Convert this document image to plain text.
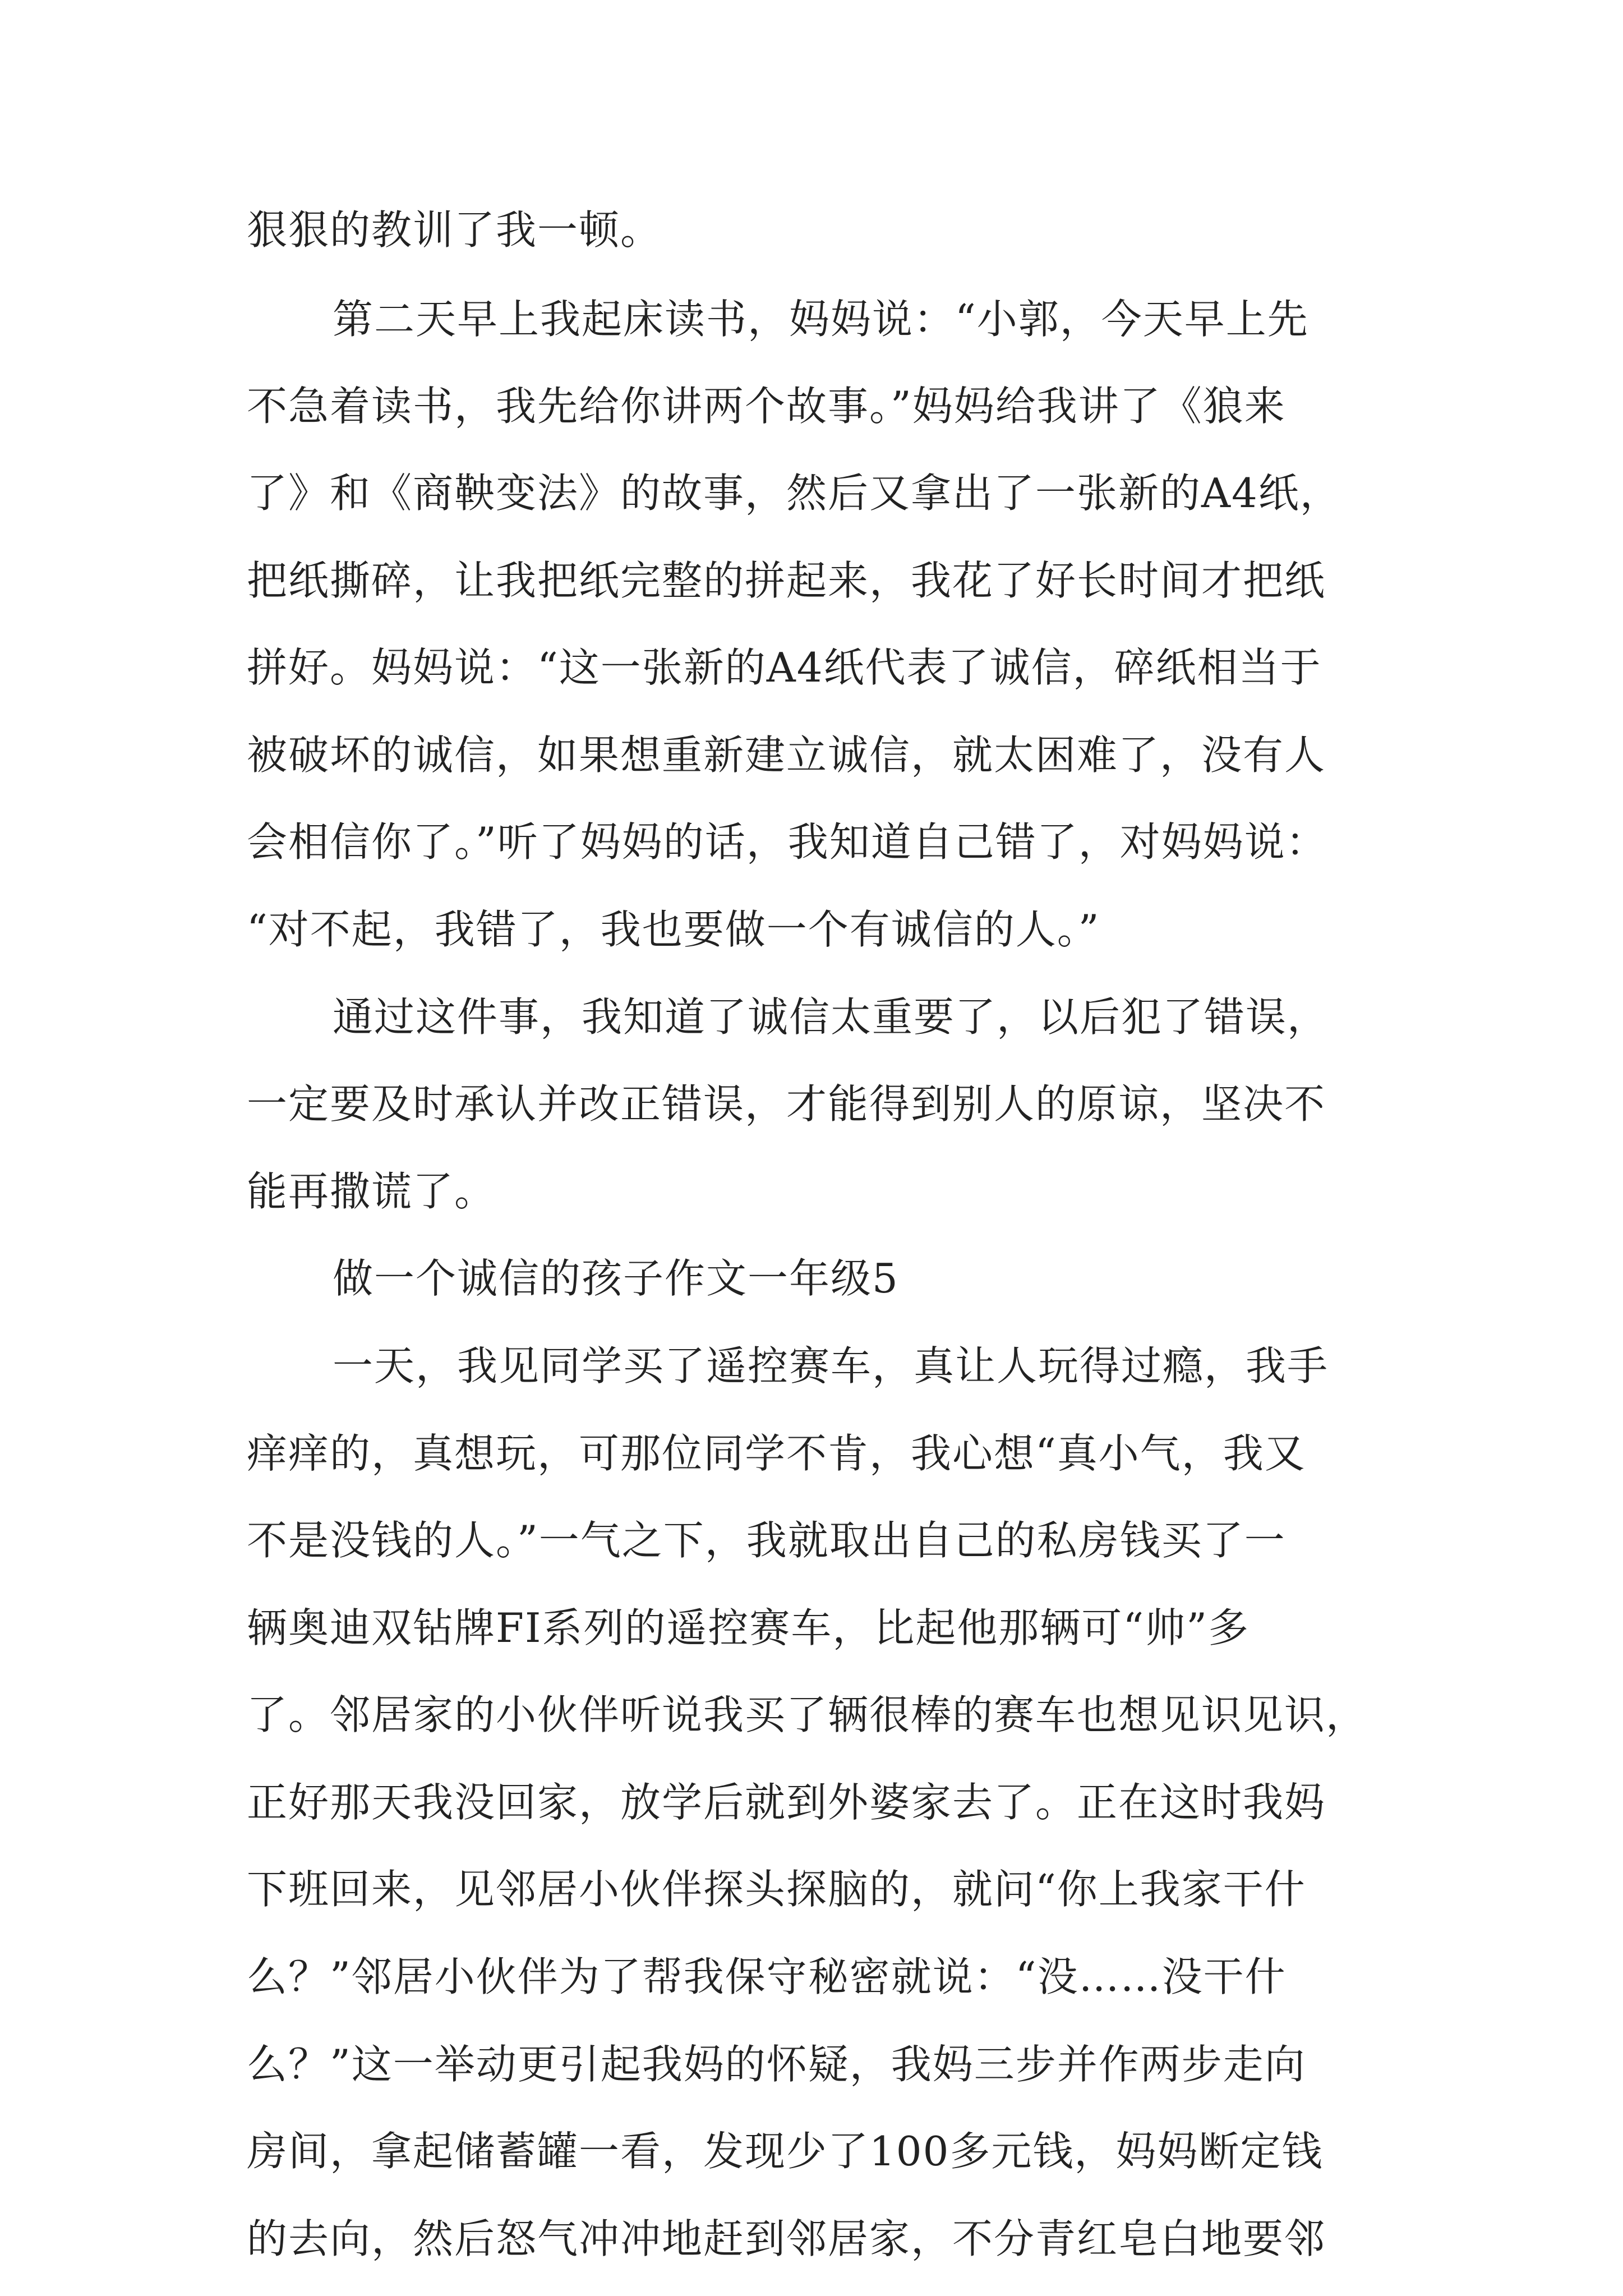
狠狠的教训了我一顿。
第二天早上我起床读书，妈妈说：“小郭，今天早上先
不急着读书，我先给你讲两个故事。”妈妈给我讲了《狼来
了》和《商鞅变法》的故事，然后又拿出了一张新的A4纸，
把纸撕碎，让我把纸完整的拼起来，我花了好长时间才把纸
拼好。妈妈说：“这一张新的A4纸代表了诚信，碎纸相当于
被破坏的诚信，如果想重新建立诚信，就太困难了，没有人
会相信你了。”听了妈妈的话，我知道自己错了，对妈妈说：
“对不起，我错了，我也要做一个有诚信的人。”
通过这件事，我知道了诚信太重要了，以后犯了错误，
一定要及时承认并改正错误，才能得到别人的原谅，坚决不
能再撒谎了。
做一个诚信的孩子作文一年级5
一天，我见同学买了遥控赛车，真让人玩得过瘾，我手
痒痒的，真想玩，可那位同学不肯，我心想“真小气，我又
不是没钱的人。”一气之下，我就取出自己的私房钱买了一
辆奥迪双钻牌FI系列的遥控赛车，比起他那辆可“帅”多
了。邻居家的小伙伴听说我买了辆很棒的赛车也想见识见识，
正好那天我没回家，放学后就到外婆家去了。正在这时我妈
下班回来，见邻居小伙伴探头探脑的，就问“你上我家干什
么？”邻居小伙伴为了帮我保守秘密就说：“没……没干什
么？”这一举动更引起我妈的怀疑，我妈三步并作两步走向
房间，拿起储蓄罐一看，发现少了100多元钱，妈妈断定钱
的去向，然后怒气冲冲地赶到邻居家，不分青红皂白地要邻
